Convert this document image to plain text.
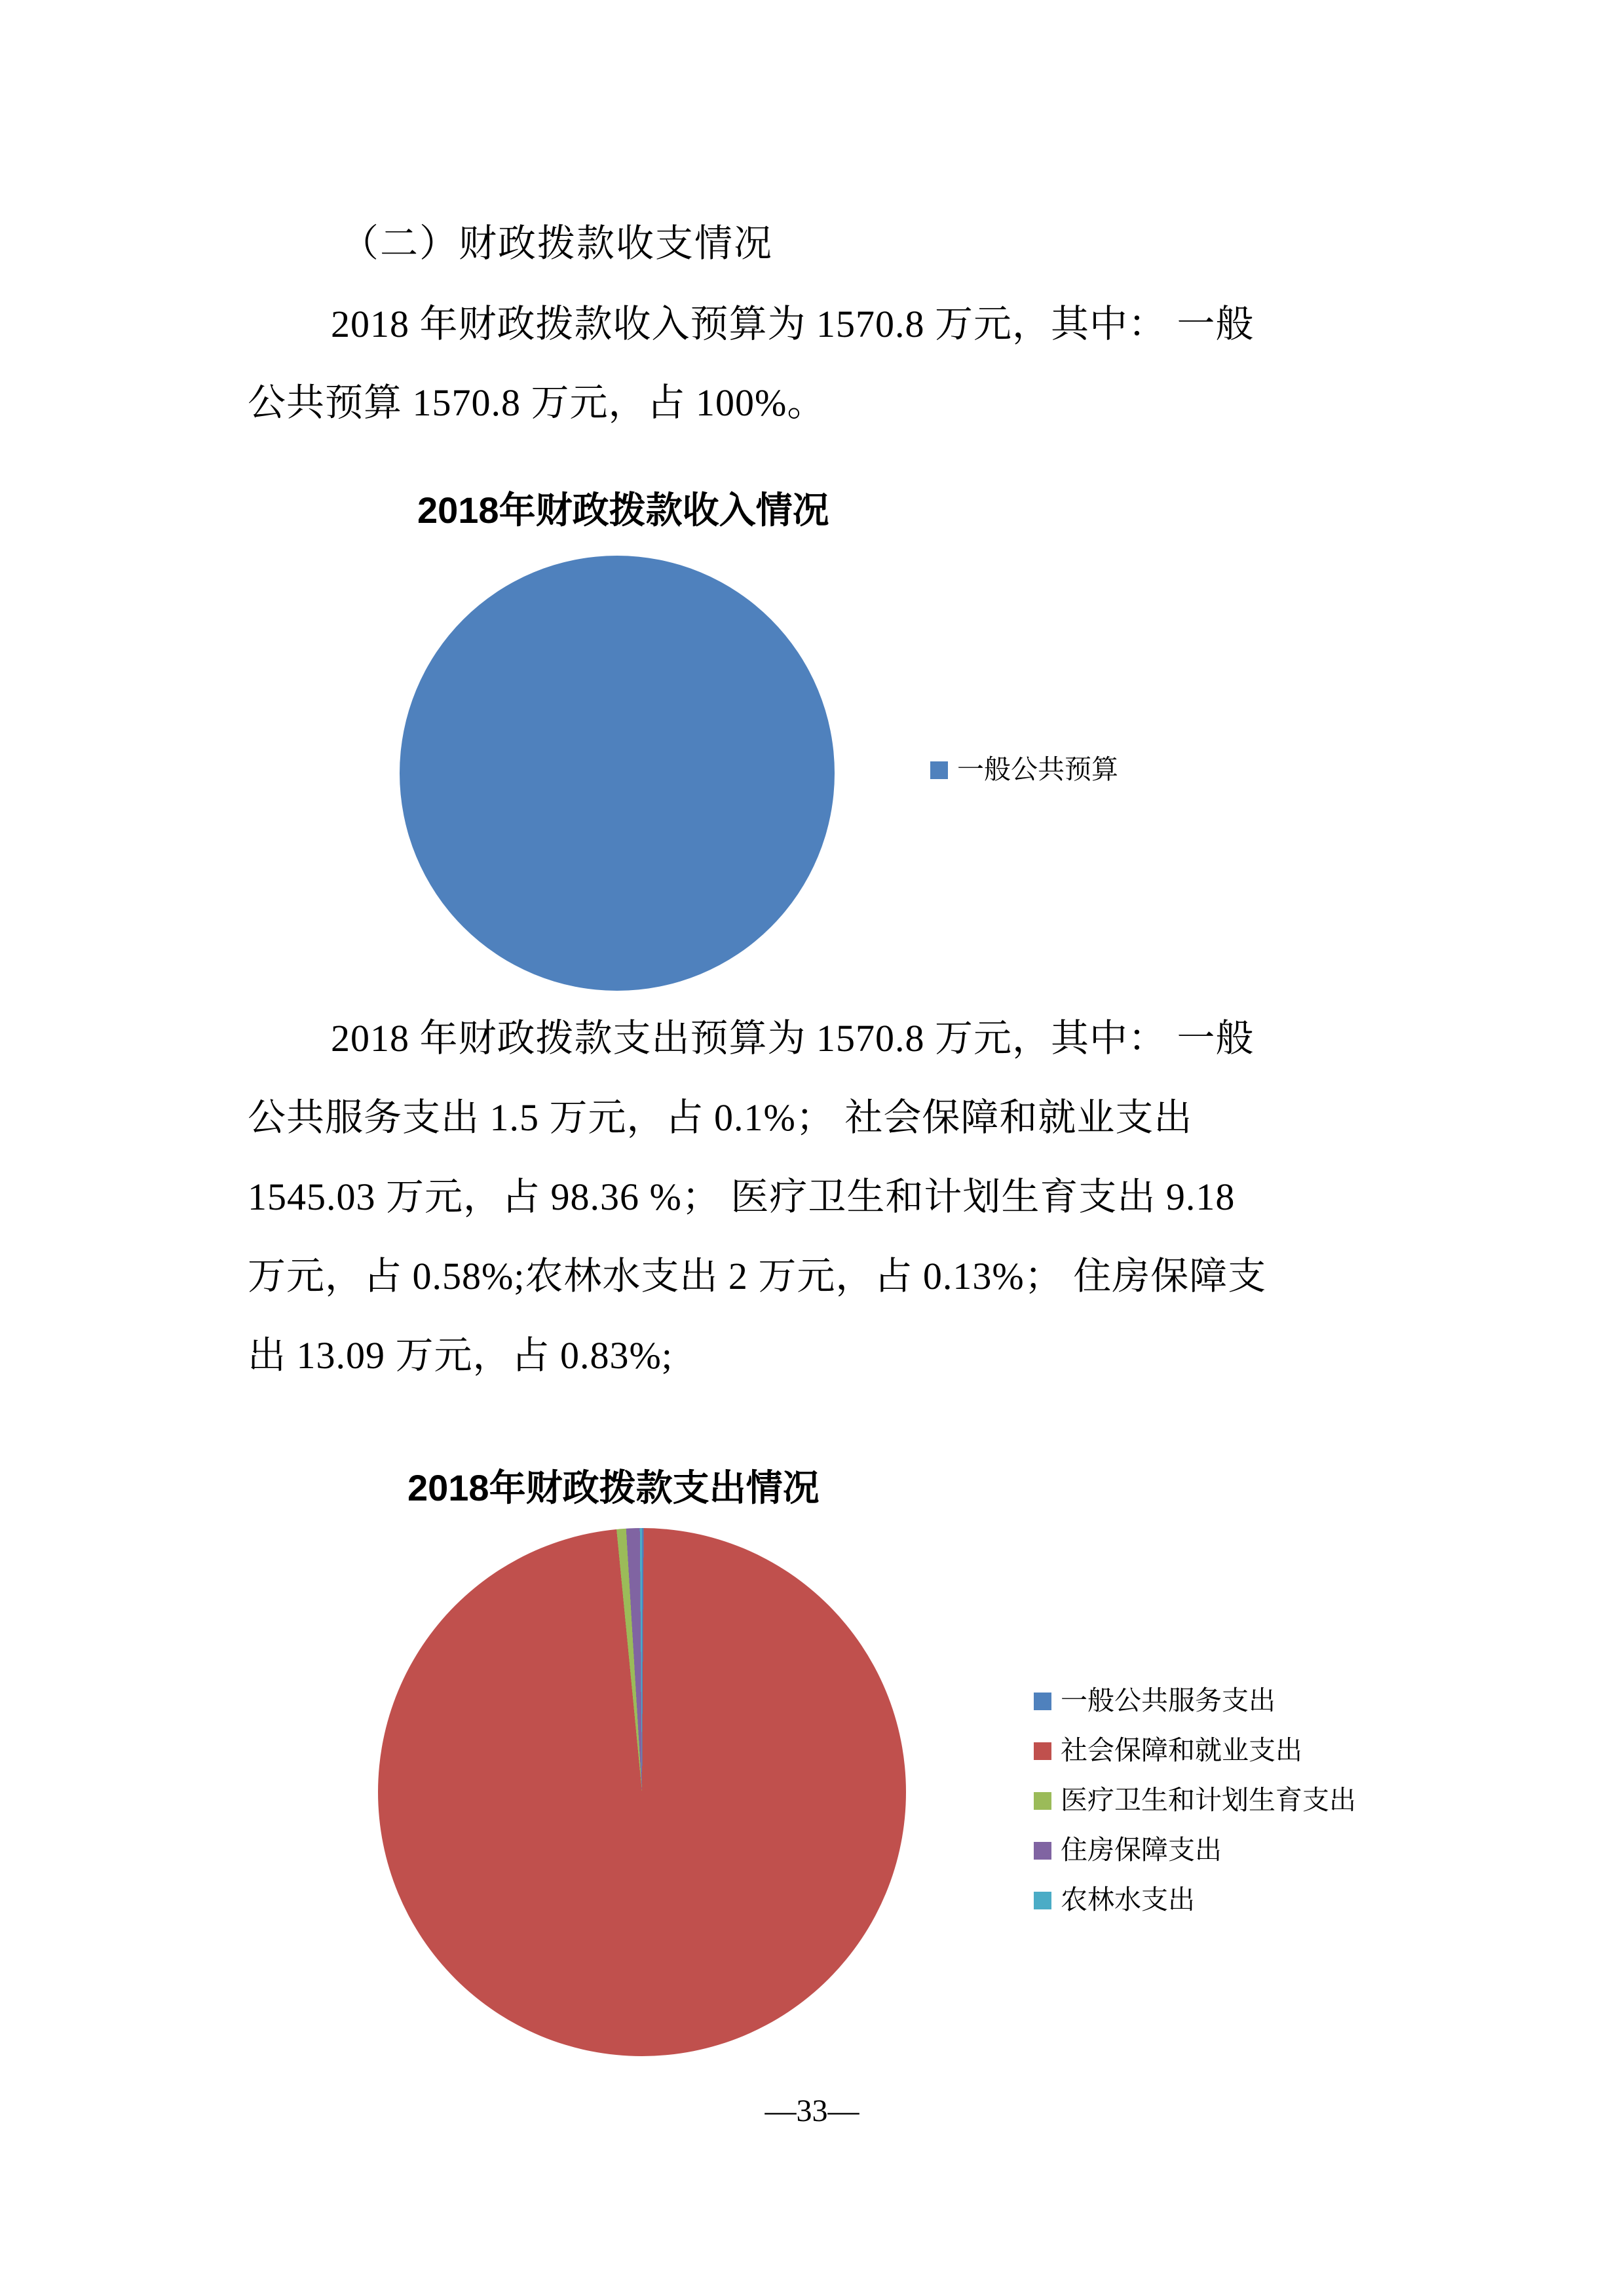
（二）财政拨款收支情况
2018 年财政拨款收入预算为 1570.8 万元，其中： 一般
公共预算 1570.8 万元，占 100%。
2018年财政拨款收入情况
一般公共预算
2018 年财政拨款支出预算为 1570.8 万元，其中： 一般
公共服务支出 1.5 万元，占 0.1%； 社会保障和就业支出
1545.03 万元，占 98.36 %； 医疗卫生和计划生育支出 9.18
万元，占 0.58%;农林水支出 2 万元，占 0.13%； 住房保障支
出 13.09 万元，占 0.83%;
2018年财政拨款支出情况
一般公共服务支出
社会保障和就业支出
医疗卫生和计划生育支出
住房保障支出
农林水支出
—33—
